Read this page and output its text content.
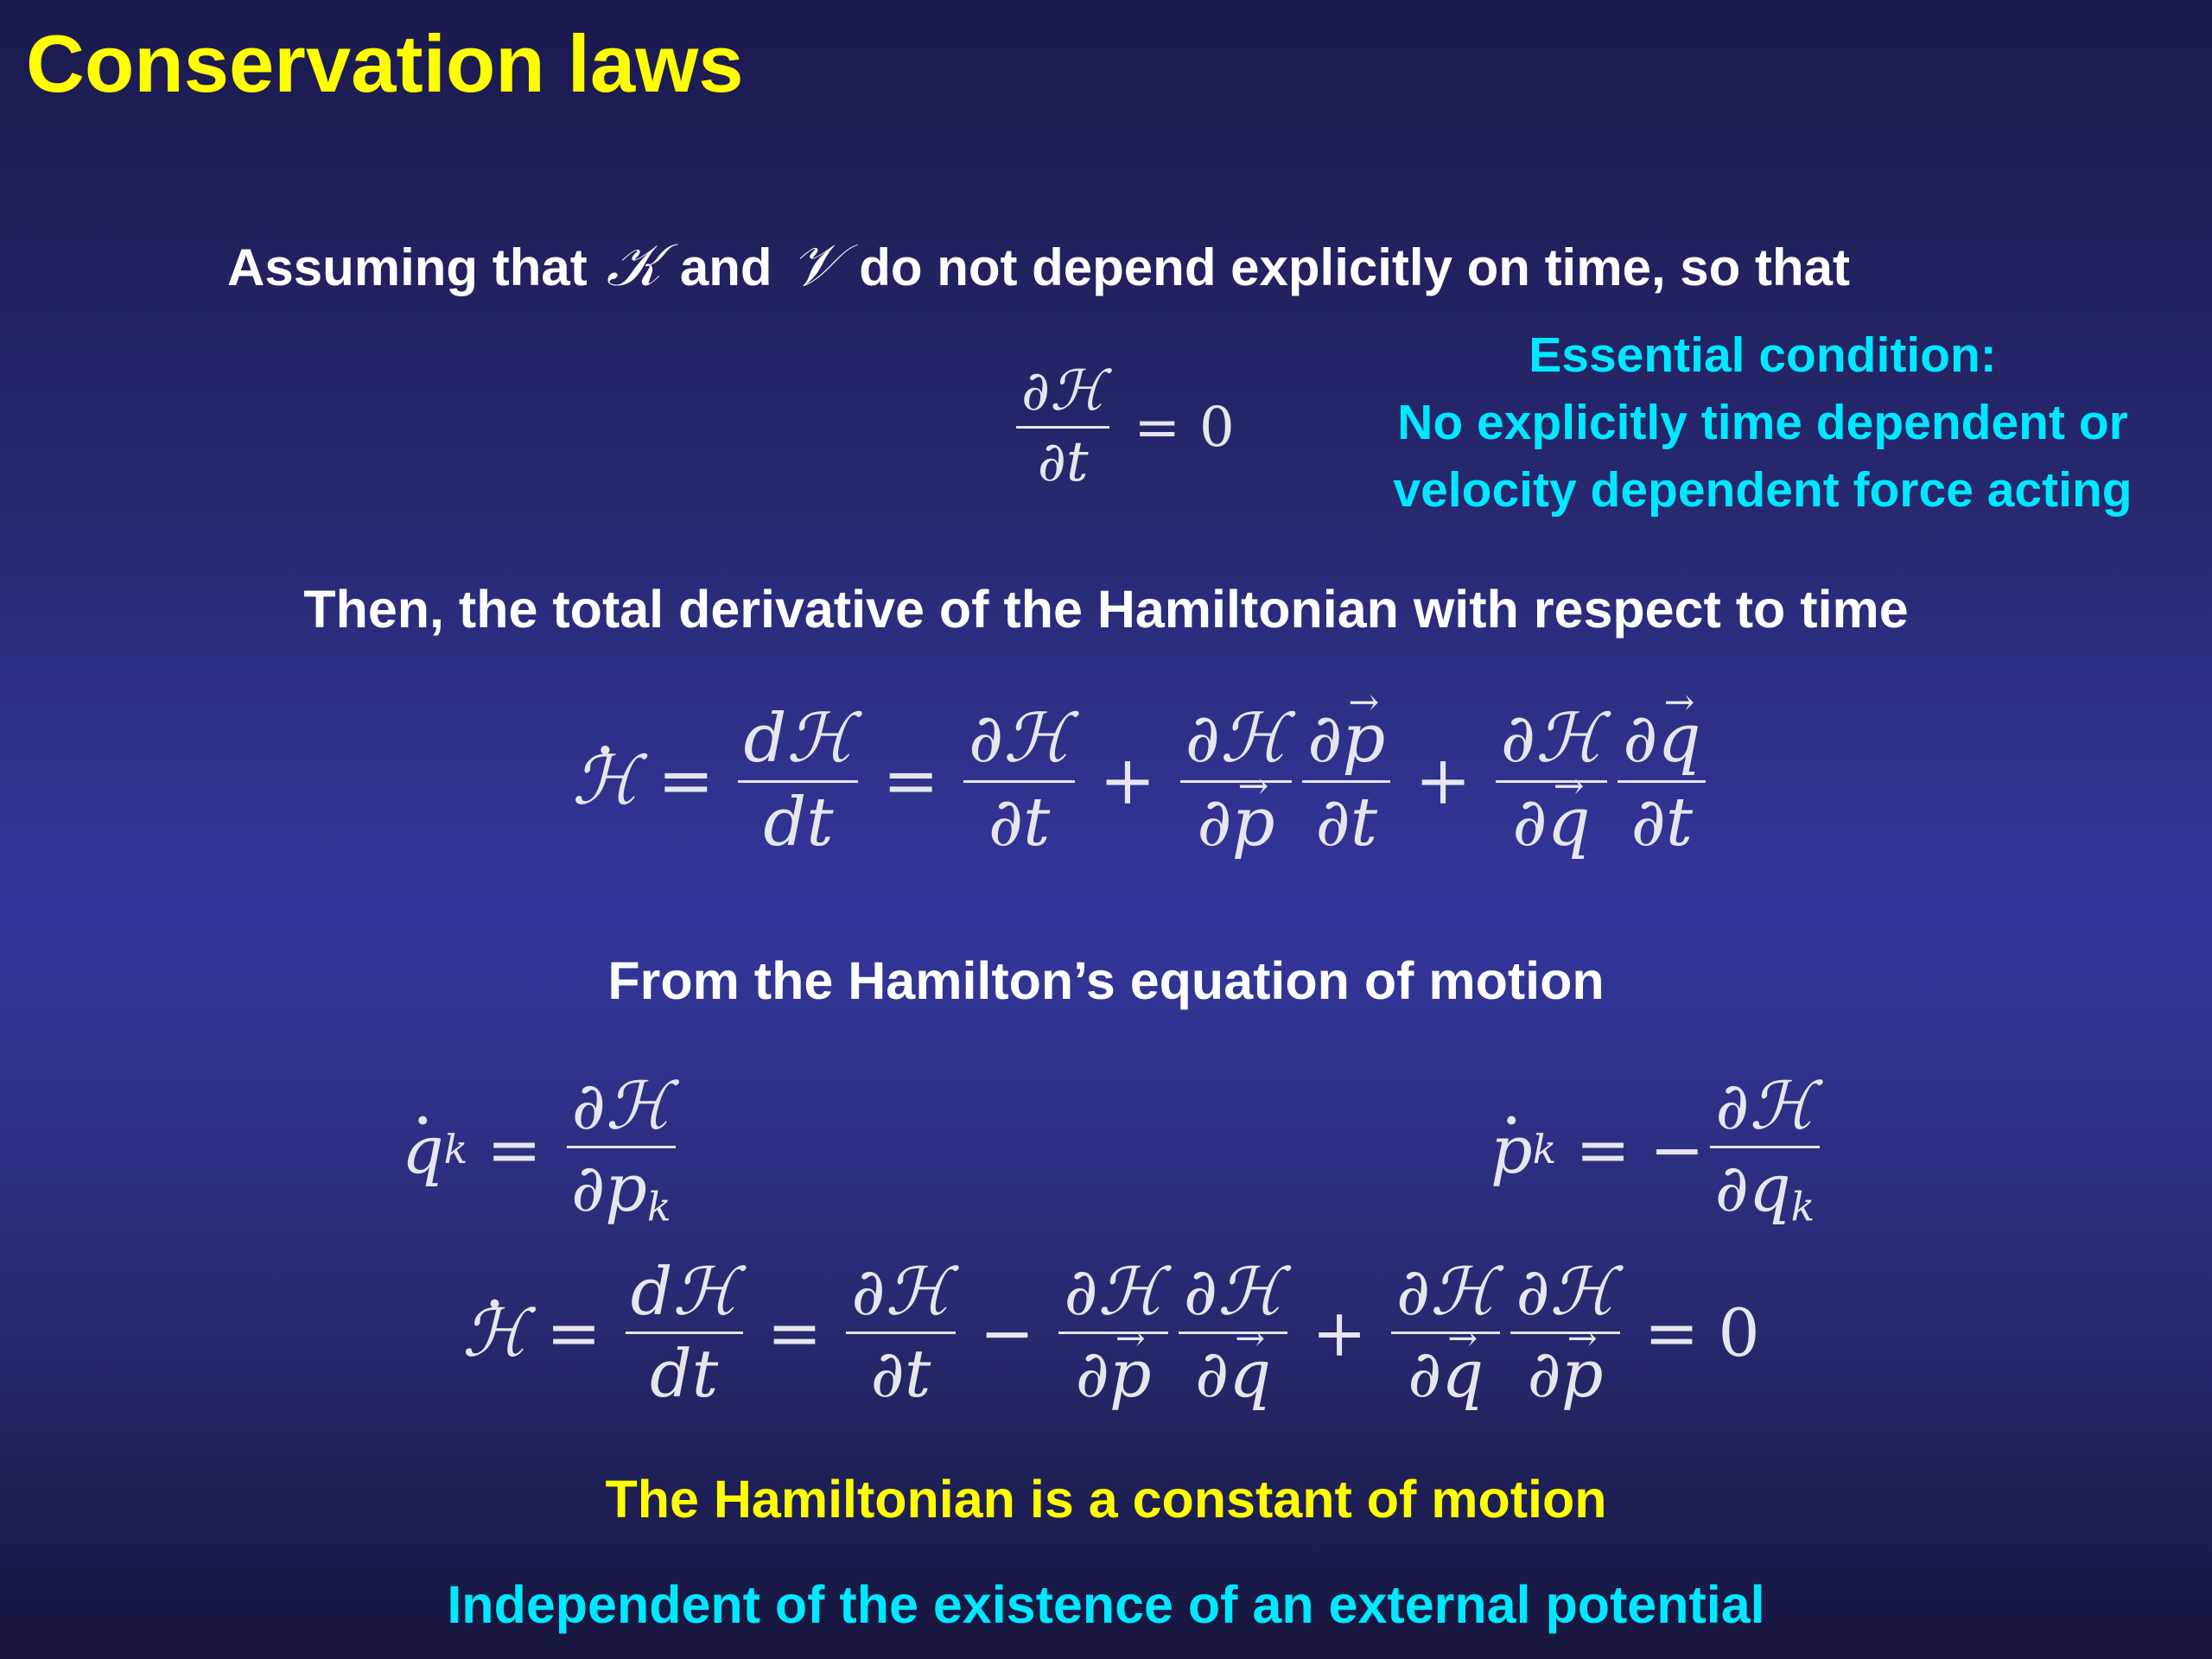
Conservation laws
Assuming that 𝒦 and 𝒱 do not depend explicitly on time, so that
$\frac{\text{∂ℋ}}{\partial t} = 0$
Essential condition:
No explicitly time dependent or
velocity dependent force acting
Then, the total derivative of the Hamiltonian with respect to time
· ℋ = $\frac{\text{dℋ}}{dt} = \frac{\text{∂ℋ}}{\partial t} + \frac{\text{∂ℋ}}{\partial\to p} \frac{\partial\to p}{\partial t} + \frac{\text{∂ℋ}}{\partial\to q} \frac{\partial\to q}{\partial t}$
From the Hamilton’s equation of motion
· q $k = \frac{\text{∂ℋ}}{\partial p_k}$
·	p k = − $\frac{\text{∂ℋ}}{\partial q_k}$
· ℋ = $\frac{\text{dℋ}}{dt} = \frac{\text{∂ℋ}}{\partial t} - \frac{\text{∂ℋ}}{\partial\to p} \frac{\text{∂ℋ}}{\partial\to q} + \frac{\text{∂ℋ}}{\partial\to q} \frac{\text{∂ℋ}}{\partial\to p} = 0$
The Hamiltonian is a constant of motion
Independent of the existence of an external potential
